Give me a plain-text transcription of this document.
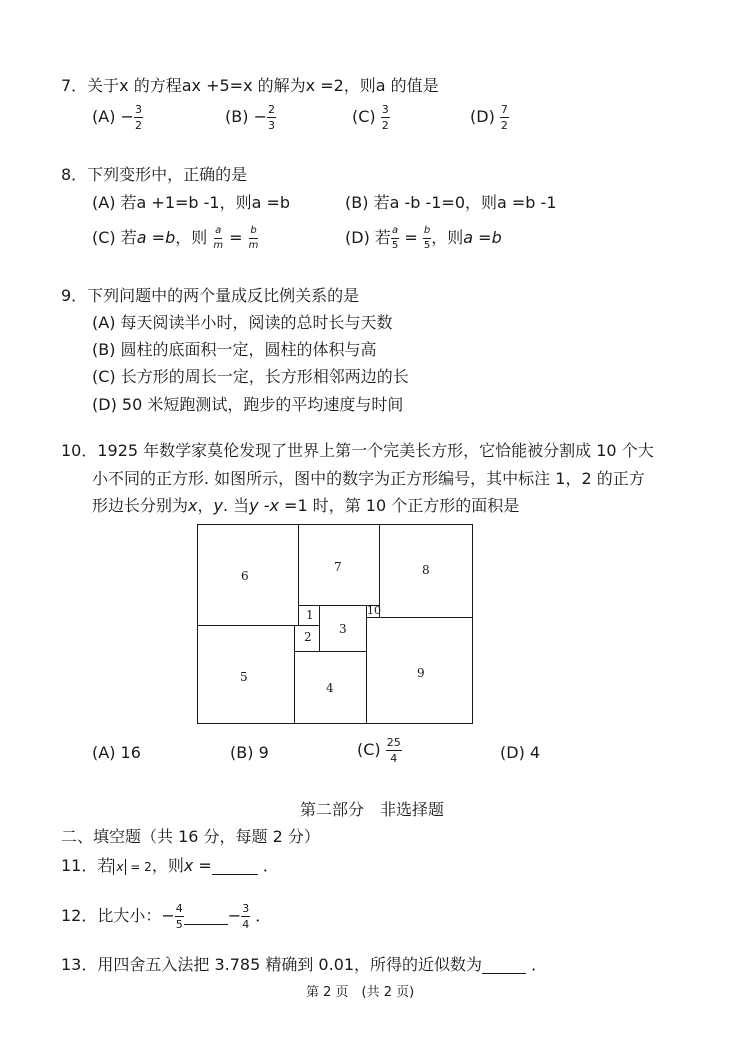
7．关于x 的方程ax +5=x 的解为x =2，则a 的值是
$(A) - \frac{3}{2}$	$(B) - \frac{2}{3}$	$(C) \frac{3}{2}$	$(D) \frac{7}{2}$
8．下列变形中，正确的是
(A) 若a +1=b -1，则a =b	(B) 若a -b -1=0，则a =b -1
(C) 若a =b，则 $\frac{a}{m} = \frac{b}{m}$	(D) 若 $\frac{a}{5} = \frac{b}{5}$ ，则a =b
9．下列问题中的两个量成反比例关系的是
(A) 每天阅读半小时，阅读的总时长与天数
(B) 圆柱的底面积一定，圆柱的体积与高
(C) 长方形的周长一定，长方形相邻两边的长
(D) 50 米短跑测试，跑步的平均速度与时间
10．1925 年数学家莫伦发现了世界上第一个完美长方形，它恰能被分割成 10 个大
小不同的正方形. 如图所示，图中的数字为正方形编号，其中标注 1，2 的正方
形边长分别为x，y. 当y -x =1 时，第 10 个正方形的面积是
6
7	8
1
3
10
2
5
4
9
(A) 16	(B) 9	$(C) \frac{25}{4}$	(D) 4
第二部分　非选择题
二、填空题（共 16 分，每题 2 分）
11．若 x = 2，则x =	．
12．比大小：− $\frac{4}{5}$	− $\frac{3}{4}$ ．
13．用四舍五入法把 3.785 精确到 0.01，所得的近似数为	．
第 2 页　(共 2 页)
